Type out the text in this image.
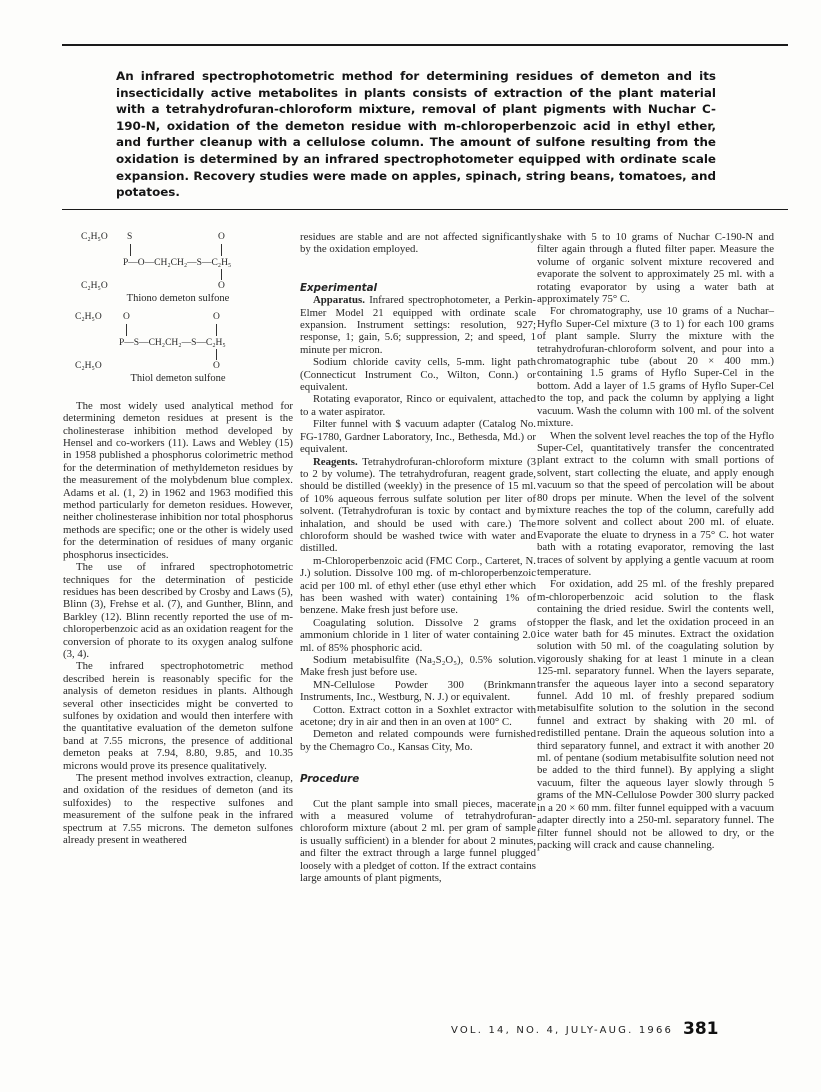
An infrared spectrophotometric method for determining residues of demeton and its insecticidally active metabolites in plants consists of extraction of the plant material with a tetrahydrofuran-chloroform mixture, removal of plant pigments with Nuchar C-190-N, oxidation of the demeton residue with m-chloroperbenzoic acid in ethyl ether, and further cleanup with a cellulose column. The amount of sulfone resulting from the oxidation is determined by an infrared spectrophotometer equipped with ordinate scale expansion. Recovery studies were made on apples, spinach, string beans, tomatoes, and potatoes.

C₂H₅O S	O
P—O—CH₂CH₂—S—C₂H₅
C₂H₅O	O

Thiono demeton sulfone

C₂H₅O O	O
P—S—CH₂CH₂—S—C₂H₅
C₂H₅O	O

Thiol demeton sulfone

The most widely used analytical method for determining demeton residues at present is the cholinesterase inhibition method developed by Hensel and co-workers (11). Laws and Webley (15) in 1958 published a phosphorus colorimetric method for the determination of methyldemeton residues by the measurement of the molybdenum blue complex. Adams et al. (1, 2) in 1962 and 1963 modified this method particularly for demeton residues. However, neither cholinesterase inhibition nor total phosphorus methods are specific; one or the other is widely used for the determination of residues of many organic phosphorus insecticides.

The use of infrared spectrophotometric techniques for the determination of pesticide residues has been described by Crosby and Laws (5), Blinn (3), Frehse et al. (7), and Gunther, Blinn, and Barkley (12). Blinn recently reported the use of m-chloroperbenzoic acid as an oxidation reagent for the conversion of phorate to its oxygen analog sulfone (3, 4).

The infrared spectrophotometric method described herein is reasonably specific for the analysis of demeton residues in plants. Although several other insecticides might be converted to sulfones by oxidation and would then interfere with the quantitative evaluation of the demeton sulfone band at 7.55 microns, the presence of additional demeton peaks at 7.94, 8.80, 9.85, and 10.35 microns would prove its presence qualitatively.

The present method involves extraction, cleanup, and oxidation of the residues of demeton (and its sulfoxides) to the respective sulfones and measurement of the sulfone peak in the infrared spectrum at 7.55 microns. The demeton sulfones already present in weathered

residues are stable and are not affected significantly by the oxidation employed.

Experimental

Apparatus. Infrared spectrophotometer, a Perkin-Elmer Model 21 equipped with ordinate scale expansion. Instrument settings: resolution, 927; response, 1; gain, 5.6; suppression, 2; and speed, 1 minute per micron.

Sodium chloride cavity cells, 5-mm. light path (Connecticut Instrument Co., Wilton, Conn.) or equivalent.

Rotating evaporator, Rinco or equivalent, attached to a water aspirator.

Filter funnel with $ vacuum adapter (Catalog No. FG-1780, Gardner Laboratory, Inc., Bethesda, Md.) or equivalent.

Reagents. Tetrahydrofuran-chloroform mixture (3 to 2 by volume). The tetrahydrofuran, reagent grade, should be distilled (weekly) in the presence of 15 ml. of 10% aqueous ferrous sulfate solution per liter of solvent. (Tetrahydrofuran is toxic by contact and by inhalation, and should be used with care.) The chloroform should be washed twice with water and distilled.

m-Chloroperbenzoic acid (FMC Corp., Carteret, N. J.) solution. Dissolve 100 mg. of m-chloroperbenzoic acid per 100 ml. of ethyl ether (use ethyl ether which has been washed with water) containing 1% of benzene. Make fresh just before use.

Coagulating solution. Dissolve 2 grams of ammonium chloride in 1 liter of water containing 2.0 ml. of 85% phosphoric acid.

Sodium metabisulfite (Na₂S₂O₅), 0.5% solution. Make fresh just before use.

MN-Cellulose Powder 300 (Brinkmann Instruments, Inc., Westburg, N. J.) or equivalent.

Cotton. Extract cotton in a Soxhlet extractor with acetone; dry in air and then in an oven at 100° C.

Demeton and related compounds were furnished by the Chemagro Co., Kansas City, Mo.

Procedure

Cut the plant sample into small pieces, macerate with a measured volume of tetrahydrofuran-chloroform mixture (about 2 ml. per gram of sample is usually sufficient) in a blender for about 2 minutes, and filter the extract through a large funnel plugged loosely with a pledget of cotton. If the extract contains large amounts of plant pigments,

shake with 5 to 10 grams of Nuchar C-190-N and filter again through a fluted filter paper. Measure the volume of organic solvent mixture recovered and evaporate the solvent to approximately 25 ml. with a rotating evaporator by using a water bath at approximately 75° C.

For chromatography, use 10 grams of a Nuchar–Hyflo Super-Cel mixture (3 to 1) for each 100 grams of plant sample. Slurry the mixture with the tetrahydrofuran-chloroform solvent, and pour into a chromatographic tube (about 20 × 400 mm.) containing 1.5 grams of Hyflo Super-Cel in the bottom. Add a layer of 1.5 grams of Hyflo Super-Cel to the top, and pack the column by applying a light vacuum. Wash the column with 100 ml. of the solvent mixture.

When the solvent level reaches the top of the Hyflo Super-Cel, quantitatively transfer the concentrated plant extract to the column with small portions of solvent, start collecting the eluate, and apply enough vacuum so that the speed of percolation will be about 80 drops per minute. When the level of the solvent mixture reaches the top of the column, carefully add more solvent and collect about 200 ml. of eluate. Evaporate the eluate to dryness in a 75° C. hot water bath with a rotating evaporator, removing the last traces of solvent by applying a gentle vacuum at room temperature.

For oxidation, add 25 ml. of the freshly prepared m-chloroperbenzoic acid solution to the flask containing the dried residue. Swirl the contents well, stopper the flask, and let the oxidation proceed in an ice water bath for 45 minutes. Extract the oxidation solution with 50 ml. of the coagulating solution by vigorously shaking for at least 1 minute in a clean 125-ml. separatory funnel. When the layers separate, transfer the aqueous layer into a second separatory funnel. Add 10 ml. of freshly prepared sodium metabisulfite solution to the solution in the second funnel and extract by shaking with 20 ml. of redistilled pentane. Drain the aqueous solution into a third separatory funnel, and extract it with another 20 ml. of pentane (sodium metabisulfite solution need not be added to the third funnel). By applying a slight vacuum, filter the aqueous layer slowly through 5 grams of the MN-Cellulose Powder 300 slurry packed in a 20 × 60 mm. filter funnel equipped with a vacuum adapter directly into a 250-ml. separatory funnel. The filter funnel should not be allowed to dry, or the packing will crack and cause channeling.

VOL. 14, NO. 4, JULY-AUG. 1966 381
